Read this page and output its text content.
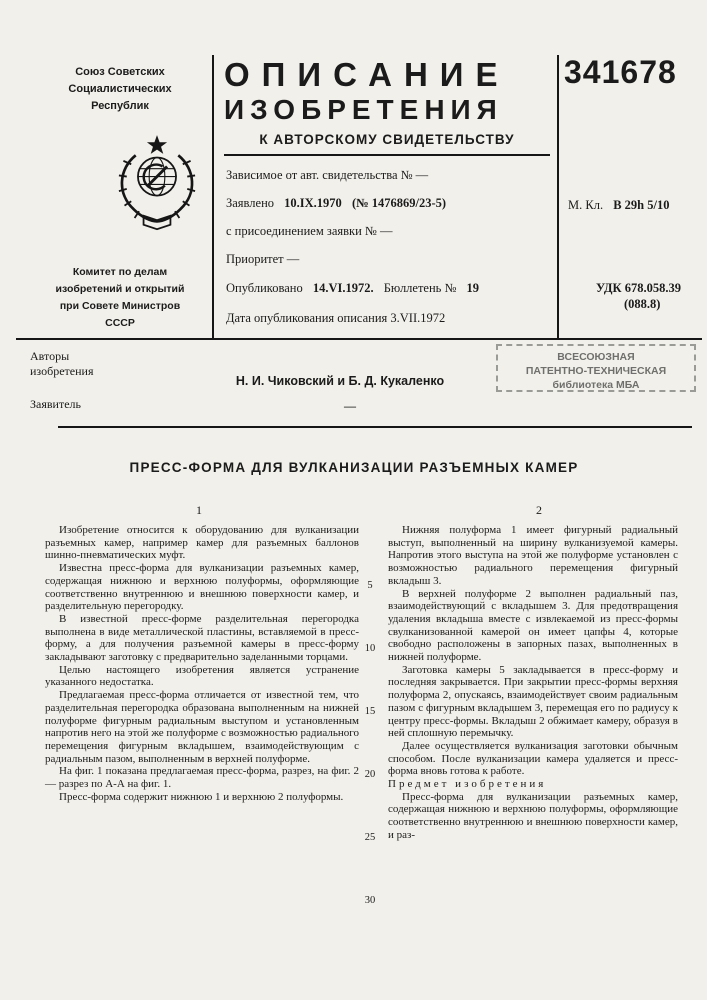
Союз Советских
Социалистических
Республик
Комитет по делам
изобретений и открытий
при Совете Министров
СССР
ОПИСАНИЕ
ИЗОБРЕТЕНИЯ
К АВТОРСКОМУ СВИДЕТЕЛЬСТВУ
341678
Зависимое от авт. свидетельства № —
Заявлено 10.IX.1970 (№ 1476869/23-5)
с присоединением заявки № —
Приоритет —
Опубликовано 14.VI.1972. Бюллетень № 19
Дата опубликования описания 3.VII.1972
М. Кл. В 29h 5/10
УДК 678.058.39
(088.8)
Авторы
изобретения
Н. И. Чиковский и Б. Д. Кукаленко
ВСЕСОЮЗНАЯ
ПАТЕНТНО-ТЕХНИЧЕСКАЯ
библиотека МБА
Заявитель	—
ПРЕСС-ФОРМА ДЛЯ ВУЛКАНИЗАЦИИ РАЗЪЕМНЫХ КАМЕР
1	2
5
10
15
20
25
30

Изобретение относится к оборудованию для вулканизации разъемных камер, например камер для разъемных баллонов шинно-пневматических муфт.

Известна пресс-форма для вулканизации разъемных камер, содержащая нижнюю и верхнюю полуформы, оформляющие соответственно внутреннюю и внешнюю поверхности камер, и разделительную перегородку.

В известной пресс-форме разделительная перегородка выполнена в виде металлической пластины, вставляемой в пресс-форму, а для получения разъемной камеры в пресс-форму закладывают заготовку с предварительно заделанными торцами.

Целью настоящего изобретения является устранение указанного недостатка.

Предлагаемая пресс-форма отличается от известной тем, что разделительная перегородка образована выполненным на нижней полуформе фигурным радиальным выступом и установленным напротив него на этой же полуформе с возможностью радиального перемещения фигурным вкладышем, взаимодействующим с радиальным пазом, выполненным в верхней полуформе.

На фиг. 1 показана предлагаемая пресс-форма, разрез, на фиг. 2 — разрез по А-А на фиг. 1.

Пресс-форма содержит нижнюю 1 и верхнюю 2 полуформы.

Нижняя полуформа 1 имеет фигурный радиальный выступ, выполненный на ширину вулканизуемой камеры. Напротив этого выступа на этой же полуформе установлен с возможностью радиального перемещения фигурный вкладыш 3.

В верхней полуформе 2 выполнен радиальный паз, взаимодействующий с вкладышем 3. Для предотвращения удаления вкладыша вместе с извлекаемой из пресс-формы свулканизованной камерой он имеет цапфы 4, которые свободно расположены в запорных пазах, выполненных в нижней полуформе.

Заготовка камеры 5 закладывается в пресс-форму и последняя закрывается. При закрытии пресс-формы верхняя полуформа 2, опускаясь, взаимодействует своим радиальным пазом с фигурным вкладышем 3, перемещая его по радиусу к центру пресс-формы. Вкладыш 2 обжимает камеру, образуя в ней сплошную перемычку.

Далее осуществляется вулканизация заготовки обычным способом. После вулканизации камера удаляется и пресс-форма вновь готова к работе.

Предмет изобретения

Пресс-форма для вулканизации разъемных камер, содержащая нижнюю и верхнюю полуформы, оформляющие соответственно внутреннюю и внешнюю поверхности камер, и раз-
